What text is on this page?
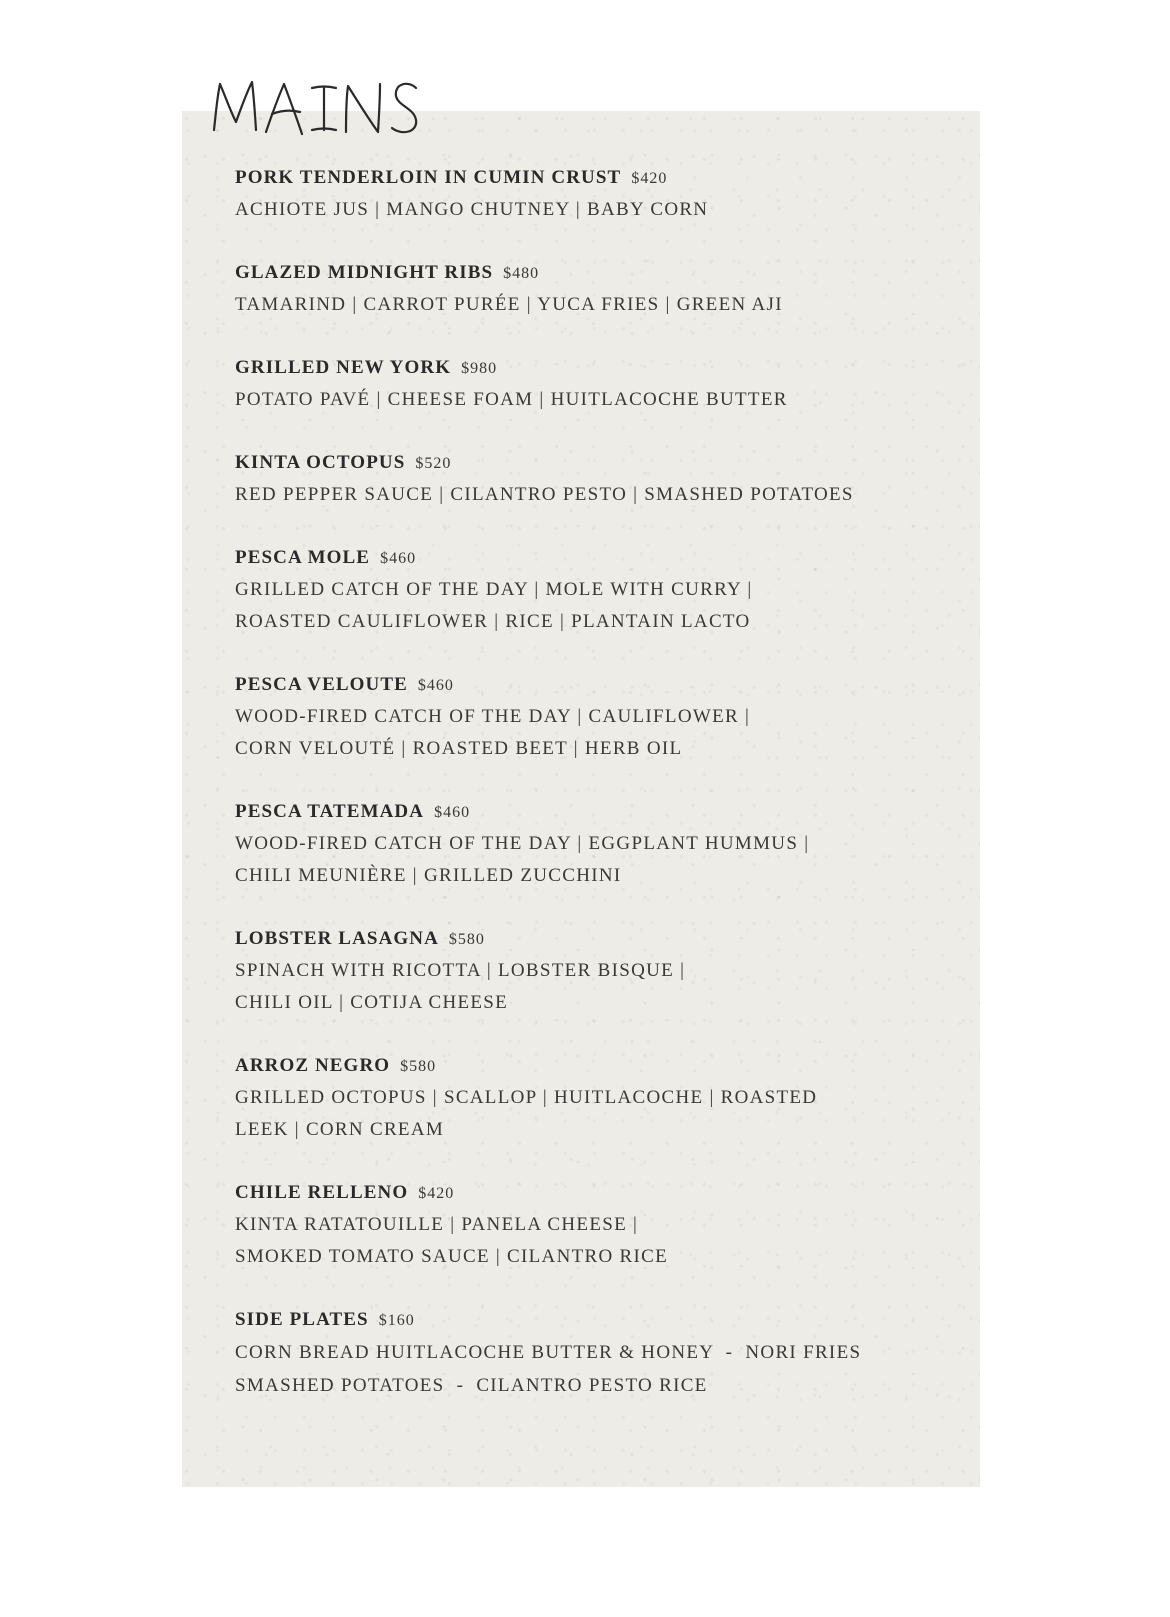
PORK TENDERLOIN IN CUMIN CRUST $420
ACHIOTE JUS | MANGO CHUTNEY | BABY CORN
GLAZED MIDNIGHT RIBS $480
TAMARIND | CARROT PURÉE | YUCA FRIES | GREEN AJI
GRILLED NEW YORK $980
POTATO PAVÉ | CHEESE FOAM | HUITLACOCHE BUTTER
KINTA OCTOPUS $520
RED PEPPER SAUCE | CILANTRO PESTO | SMASHED POTATOES
PESCA MOLE $460
GRILLED CATCH OF THE DAY | MOLE WITH CURRY |
ROASTED CAULIFLOWER | RICE | PLANTAIN LACTO
PESCA VELOUTE $460
WOOD-FIRED CATCH OF THE DAY | CAULIFLOWER |
CORN VELOUTÉ | ROASTED BEET | HERB OIL
PESCA TATEMADA $460
WOOD-FIRED CATCH OF THE DAY | EGGPLANT HUMMUS |
CHILI MEUNIÈRE | GRILLED ZUCCHINI
LOBSTER LASAGNA $580
SPINACH WITH RICOTTA | LOBSTER BISQUE |
CHILI OIL | COTIJA CHEESE
ARROZ NEGRO $580
GRILLED OCTOPUS | SCALLOP | HUITLACOCHE | ROASTED
LEEK | CORN CREAM
CHILE RELLENO $420
KINTA RATATOUILLE | PANELA CHEESE |
SMOKED TOMATO SAUCE | CILANTRO RICE
SIDE PLATES $160
CORN BREAD HUITLACOCHE BUTTER & HONEY  -  NORI FRIES
SMASHED POTATOES  -  CILANTRO PESTO RICE
